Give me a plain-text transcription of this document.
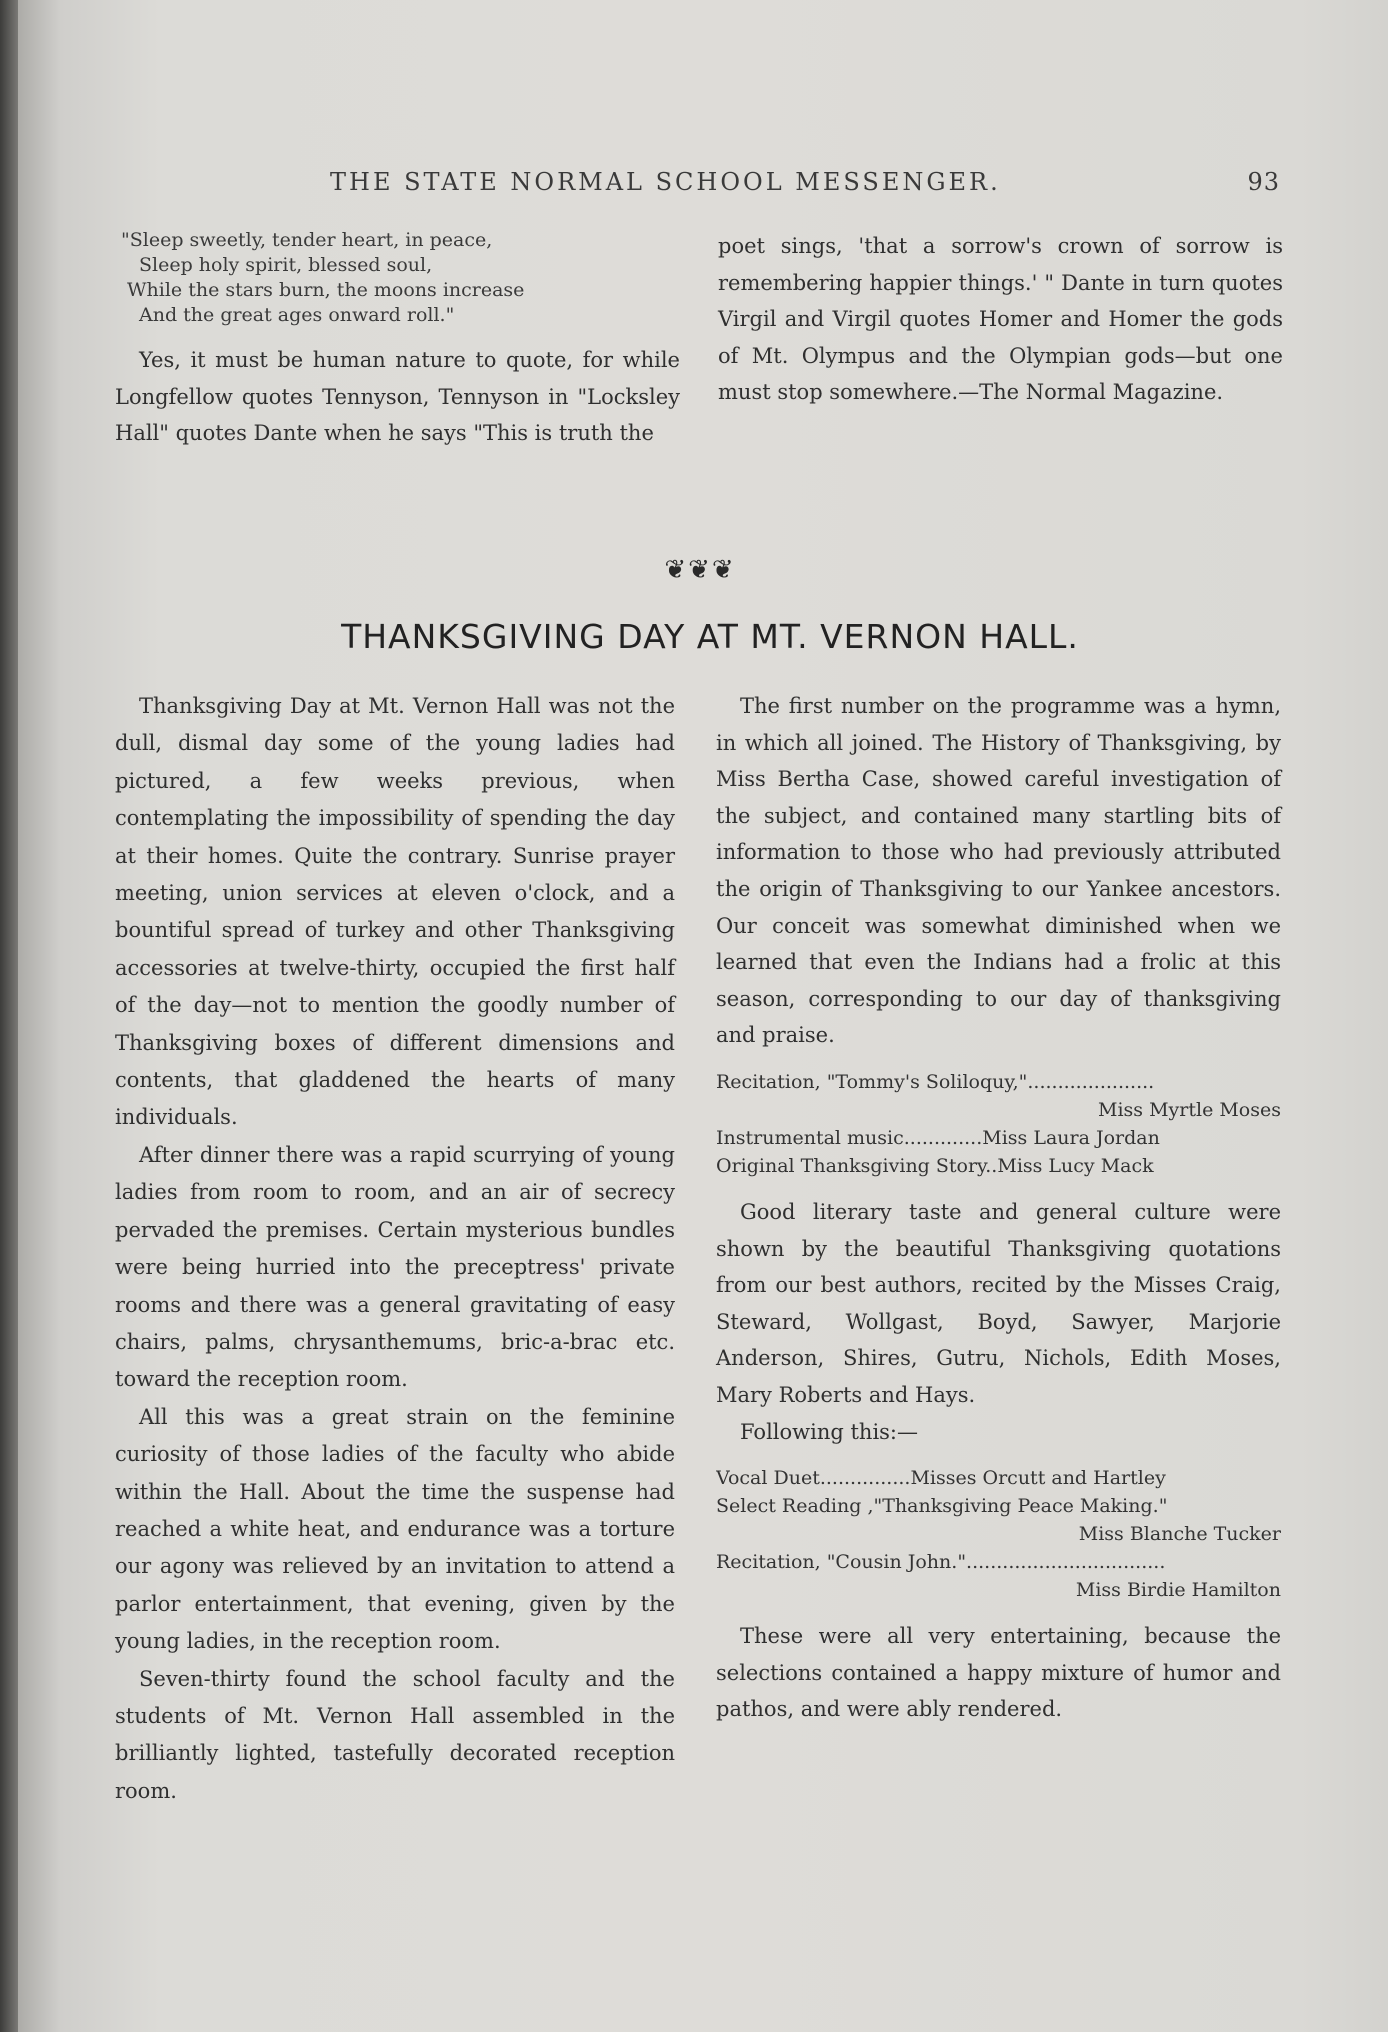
THE STATE NORMAL SCHOOL MESSENGER.	93
"Sleep sweetly, tender heart, in peace,
Sleep holy spirit, blessed soul,
While the stars burn, the moons increase
And the great ages onward roll."

Yes, it must be human nature to quote, for while Longfellow quotes Tennyson, Tennyson in "Locksley Hall" quotes Dante when he says "This is truth the

poet sings, 'that a sorrow's crown of sorrow is remembering happier things.' " Dante in turn quotes Virgil and Virgil quotes Homer and Homer the gods of Mt. Olympus and the Olympian gods—but one must stop somewhere.—The Normal Magazine.

❦❦❦
THANKSGIVING DAY AT MT. VERNON HALL.

Thanksgiving Day at Mt. Vernon Hall was not the dull, dismal day some of the young ladies had pictured, a few weeks previous, when contemplating the impossibility of spending the day at their homes. Quite the contrary. Sunrise prayer meeting, union services at eleven o'clock, and a bountiful spread of turkey and other Thanksgiving accessories at twelve-thirty, occupied the first half of the day—not to mention the goodly number of Thanksgiving boxes of different dimensions and contents, that gladdened the hearts of many individuals.

After dinner there was a rapid scurrying of young ladies from room to room, and an air of secrecy pervaded the premises. Certain mysterious bundles were being hurried into the preceptress' private rooms and there was a general gravitating of easy chairs, palms, chrysanthemums, bric-a-brac etc. toward the reception room.

All this was a great strain on the feminine curiosity of those ladies of the faculty who abide within the Hall. About the time the suspense had reached a white heat, and endurance was a torture our agony was relieved by an invitation to attend a parlor entertainment, that evening, given by the young ladies, in the reception room.

Seven-thirty found the school faculty and the students of Mt. Vernon Hall assembled in the brilliantly lighted, tastefully decorated reception room.

The first number on the programme was a hymn, in which all joined. The History of Thanksgiving, by Miss Bertha Case, showed careful investigation of the subject, and contained many startling bits of information to those who had previously attributed the origin of Thanksgiving to our Yankee ancestors. Our conceit was somewhat diminished when we learned that even the Indians had a frolic at this season, corresponding to our day of thanksgiving and praise.

Recitation, "Tommy's Soliloquy,".....................
Miss Myrtle Moses
Instrumental music.............Miss Laura Jordan
Original Thanksgiving Story..Miss Lucy Mack

Good literary taste and general culture were shown by the beautiful Thanksgiving quotations from our best authors, recited by the Misses Craig, Steward, Wollgast, Boyd, Sawyer, Marjorie Anderson, Shires, Gutru, Nichols, Edith Moses, Mary Roberts and Hays.

Following this:—

Vocal Duet...............Misses Orcutt and Hartley
Select Reading ,"Thanksgiving Peace Making."
Miss Blanche Tucker
Recitation, "Cousin John.".................................
Miss Birdie Hamilton

These were all very entertaining, because the selections contained a happy mixture of humor and pathos, and were ably rendered.
